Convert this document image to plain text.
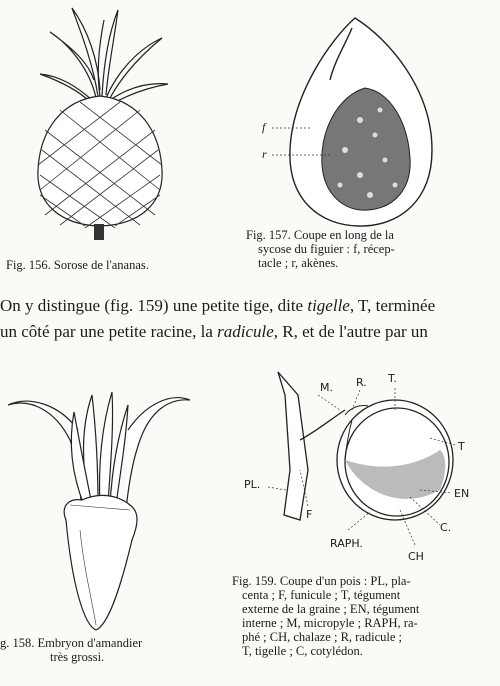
Fig. 156. Sorose de l'ananas.
f
r
Fig. 157. Coupe en long de la
sycose du figuier : f, récep-
tacle ; r, akènes.
On y distingue (fig. 159) une petite tige, dite tigelle, T, terminée
un côté par une petite racine, la radicule, R, et de l'autre par un
g. 158. Embryon d'amandier
très grossi.
M. R. T.
T
PL.
EN
F
C.
RAPH.
CH
Fig. 159. Coupe d'un pois : PL, pla-
centa ; F, funicule ; T, tégument
externe de la graine ; EN, tégument
interne ; M, micropyle ; RAPH, ra-
phé ; CH, chalaze ; R, radicule ;
T, tigelle ; C, cotylédon.
